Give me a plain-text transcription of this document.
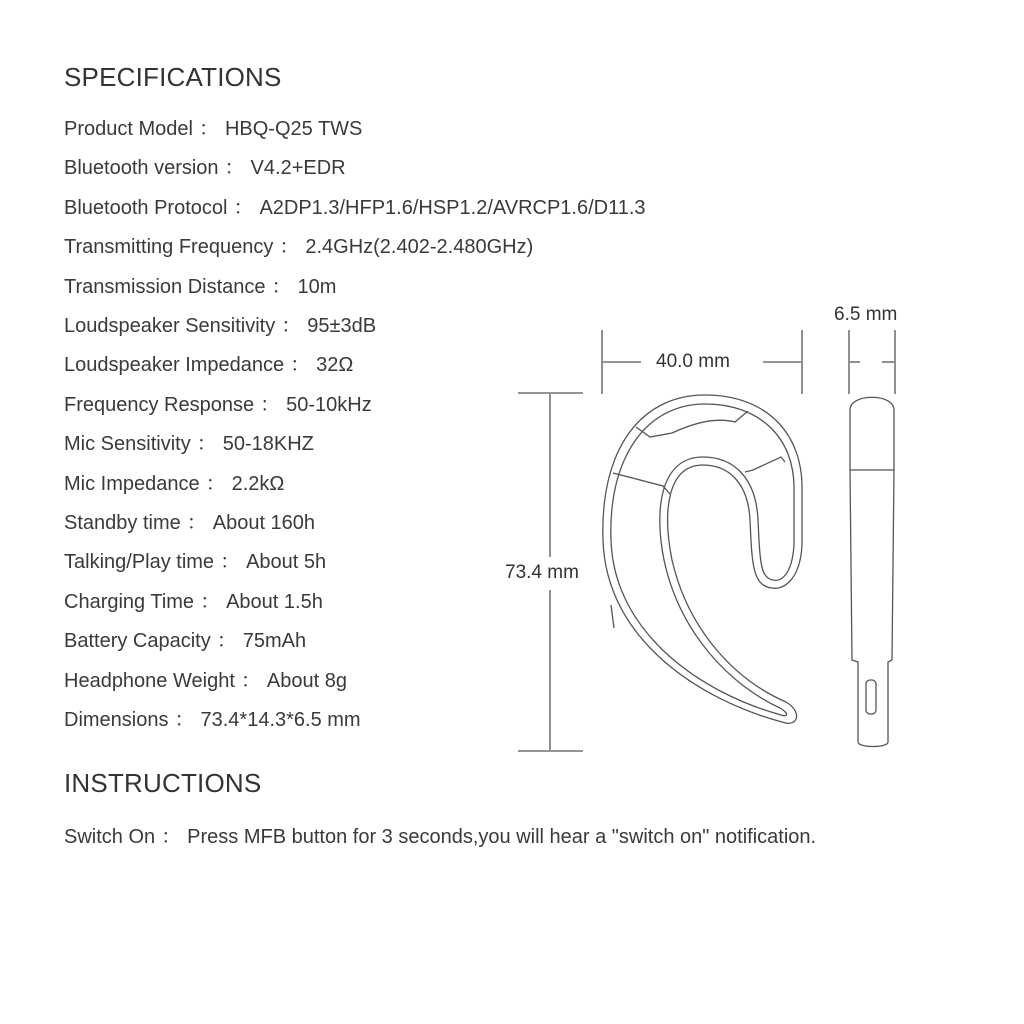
SPECIFICATIONS
Product Model ： HBQ-Q25 TWS
Bluetooth version ： V4.2+EDR
Bluetooth Protocol ： A2DP1.3/HFP1.6/HSP1.2/AVRCP1.6/D11.3
Transmitting Frequency ： 2.4GHz(2.402-2.480GHz)
Transmission Distance ： 10m
Loudspeaker Sensitivity ： 95±3dB
Loudspeaker Impedance ： 32Ω
Frequency Response ： 50-10kHz
Mic Sensitivity ： 50-18KHZ
Mic Impedance ： 2.2kΩ
Standby time ： About 160h
Talking/Play time ： About 5h
Charging Time ： About 1.5h
Battery Capacity ： 75mAh
Headphone Weight ： About 8g
Dimensions ： 73.4*14.3*6.5 mm
INSTRUCTIONS
Switch On ： Press MFB button for 3 seconds,you will hear a "switch on" notification.
40.0 mm
6.5 mm
73.4 mm
